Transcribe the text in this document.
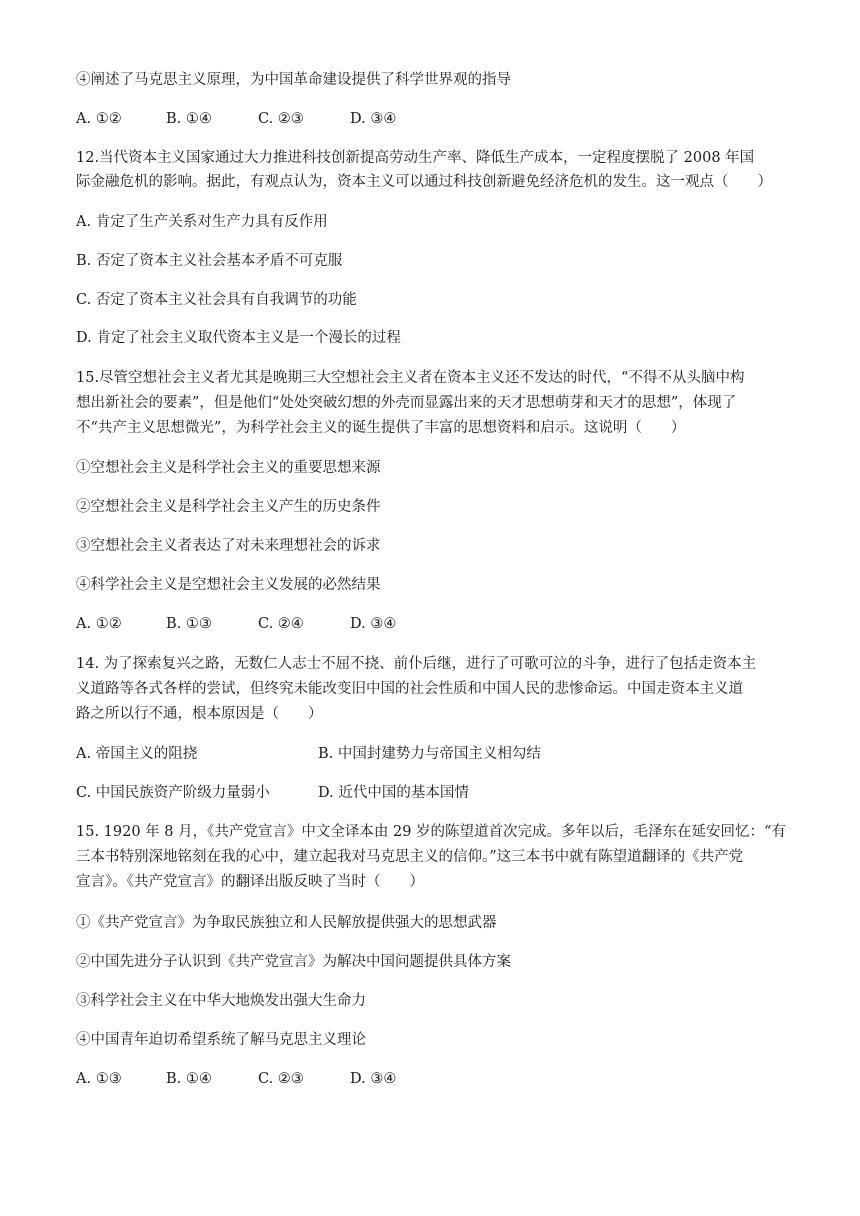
④阐述了马克思主义原理，为中国革命建设提供了科学世界观的指导
A. ①②	B. ①④	C. ②③	D. ③④
12.当代资本主义国家通过大力推进科技创新提高劳动生产率、降低生产成本，一定程度摆脱了 2008 年国
际金融危机的影响。据此，有观点认为，资本主义可以通过科技创新避免经济危机的发生。这一观点（　　）
A. 肯定了生产关系对生产力具有反作用
B. 否定了资本主义社会基本矛盾不可克服
C. 否定了资本主义社会具有自我调节的功能
D. 肯定了社会主义取代资本主义是一个漫长的过程
15.尽管空想社会主义者尤其是晚期三大空想社会主义者在资本主义还不发达的时代，“不得不从头脑中构
想出新社会的要素”，但是他们“处处突破幻想的外壳而显露出来的天才思想萌芽和天才的思想”，体现了
不“共产主义思想微光”，为科学社会主义的诞生提供了丰富的思想资料和启示。这说明（　　）
①空想社会主义是科学社会主义的重要思想来源
②空想社会主义是科学社会主义产生的历史条件
③空想社会主义者表达了对未来理想社会的诉求
④科学社会主义是空想社会主义发展的必然结果
A. ①②	B. ①③	C. ②④	D. ③④
14. 为了探索复兴之路，无数仁人志士不屈不挠、前仆后继，进行了可歌可泣的斗争，进行了包括走资本主
义道路等各式各样的尝试，但终究未能改变旧中国的社会性质和中国人民的悲惨命运。中国走资本主义道
路之所以行不通，根本原因是（　　）
A. 帝国主义的阻挠	B. 中国封建势力与帝国主义相勾结
C. 中国民族资产阶级力量弱小	D. 近代中国的基本国情
15. 1920 年 8 月，《共产党宣言》中文全译本由 29 岁的陈望道首次完成。多年以后，毛泽东在延安回忆：“有
三本书特别深地铭刻在我的心中，建立起我对马克思主义的信仰。”这三本书中就有陈望道翻译的《共产党
宣言》。《共产党宣言》的翻译出版反映了当时（　　）
①《共产党宣言》为争取民族独立和人民解放提供强大的思想武器
②中国先进分子认识到《共产党宣言》为解决中国问题提供具体方案
③科学社会主义在中华大地焕发出强大生命力
④中国青年迫切希望系统了解马克思主义理论
A. ①③	B. ①④	C. ②③	D. ③④
